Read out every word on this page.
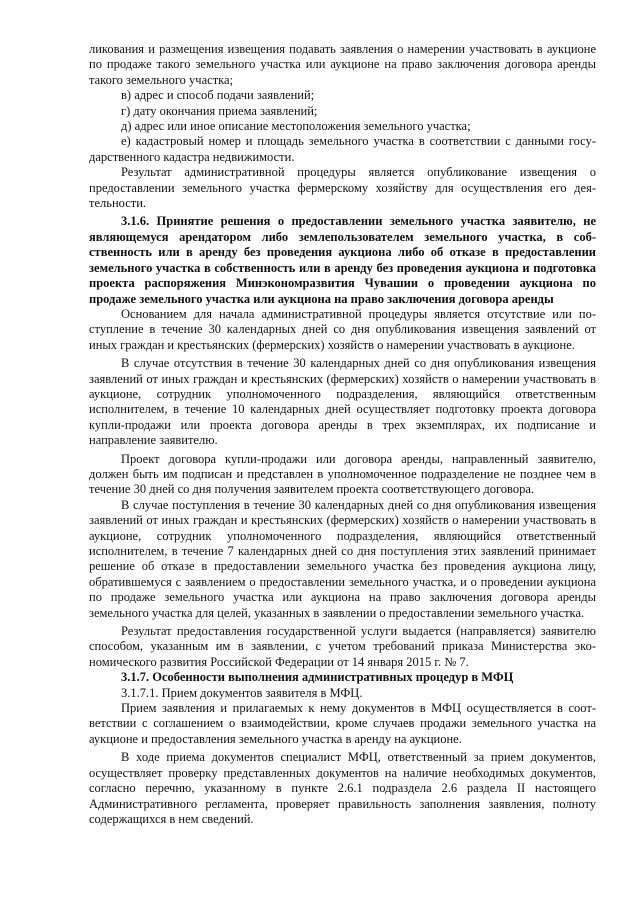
ликования и размещения извещения подавать заявления о намерении участвовать в аукционе по продаже такого земельного участка или аукционе на право заключения договора аренды такого земельного участка;

в) адрес и способ подачи заявлений;

г) дату окончания приема заявлений;

д) адрес или иное описание местоположения земельного участка;

е) кадастровый номер и площадь земельного участка в соответствии с данными государственного кадастра недвижимости.

Результат административной процедуры является опубликование извещения о предоставлении земельного участка фермерскому хозяйству для осуществления его деятельности.

3.1.6. Принятие решения о предоставлении земельного участка заявителю, не являющемуся арендатором либо землепользователем земельного участка, в собственность или в аренду без проведения аукциона либо об отказе в предоставлении земельного участка в собственность или в аренду без проведения аукциона и подготовка проекта распоряжения Минэкономразвития Чувашии о проведении аукциона по продаже земельного участка или аукциона на право заключения договора аренды

Основанием для начала административной процедуры является отсутствие или поступление в течение 30 календарных дней со дня опубликования извещения заявлений от иных граждан и крестьянских (фермерских) хозяйств о намерении участвовать в аукционе.

В случае отсутствия в течение 30 календарных дней со дня опубликования извещения заявлений от иных граждан и крестьянских (фермерских) хозяйств о намерении участвовать в аукционе, сотрудник уполномоченного подразделения, являющийся ответственным исполнителем, в течение 10 календарных дней осуществляет подготовку проекта договора купли-продажи или проекта договора аренды в трех экземплярах, их подписание и направление заявителю.

Проект договора купли-продажи или договора аренды, направленный заявителю, должен быть им подписан и представлен в уполномоченное подразделение не позднее чем в течение 30 дней со дня получения заявителем проекта соответствующего договора.

В случае поступления в течение 30 календарных дней со дня опубликования извещения заявлений от иных граждан и крестьянских (фермерских) хозяйств о намерении участвовать в аукционе, сотрудник уполномоченного подразделения, являющийся ответственный исполнителем, в течение 7 календарных дней со дня поступления этих заявлений принимает решение об отказе в предоставлении земельного участка без проведения аукциона лицу, обратившемуся с заявлением о предоставлении земельного участка, и о проведении аукциона по продаже земельного участка или аукциона на право заключения договора аренды земельного участка для целей, указанных в заявлении о предоставлении земельного участка.

Результат предоставления государственной услуги выдается (направляется) заявителю способом, указанным им в заявлении, с учетом требований приказа Министерства экономического развития Российской Федерации от 14 января 2015 г. № 7.

3.1.7. Особенности выполнения административных процедур в МФЦ

3.1.7.1. Прием документов заявителя в МФЦ.

Прием заявления и прилагаемых к нему документов в МФЦ осуществляется в соответствии с соглашением о взаимодействии, кроме случаев продажи земельного участка на аукционе и предоставления земельного участка в аренду на аукционе.

В ходе приема документов специалист МФЦ, ответственный за прием документов, осуществляет проверку представленных документов на наличие необходимых документов, согласно перечню, указанному в пункте 2.6.1 подраздела 2.6 раздела II настоящего Административного регламента, проверяет правильность заполнения заявления, полноту содержащихся в нем сведений.
